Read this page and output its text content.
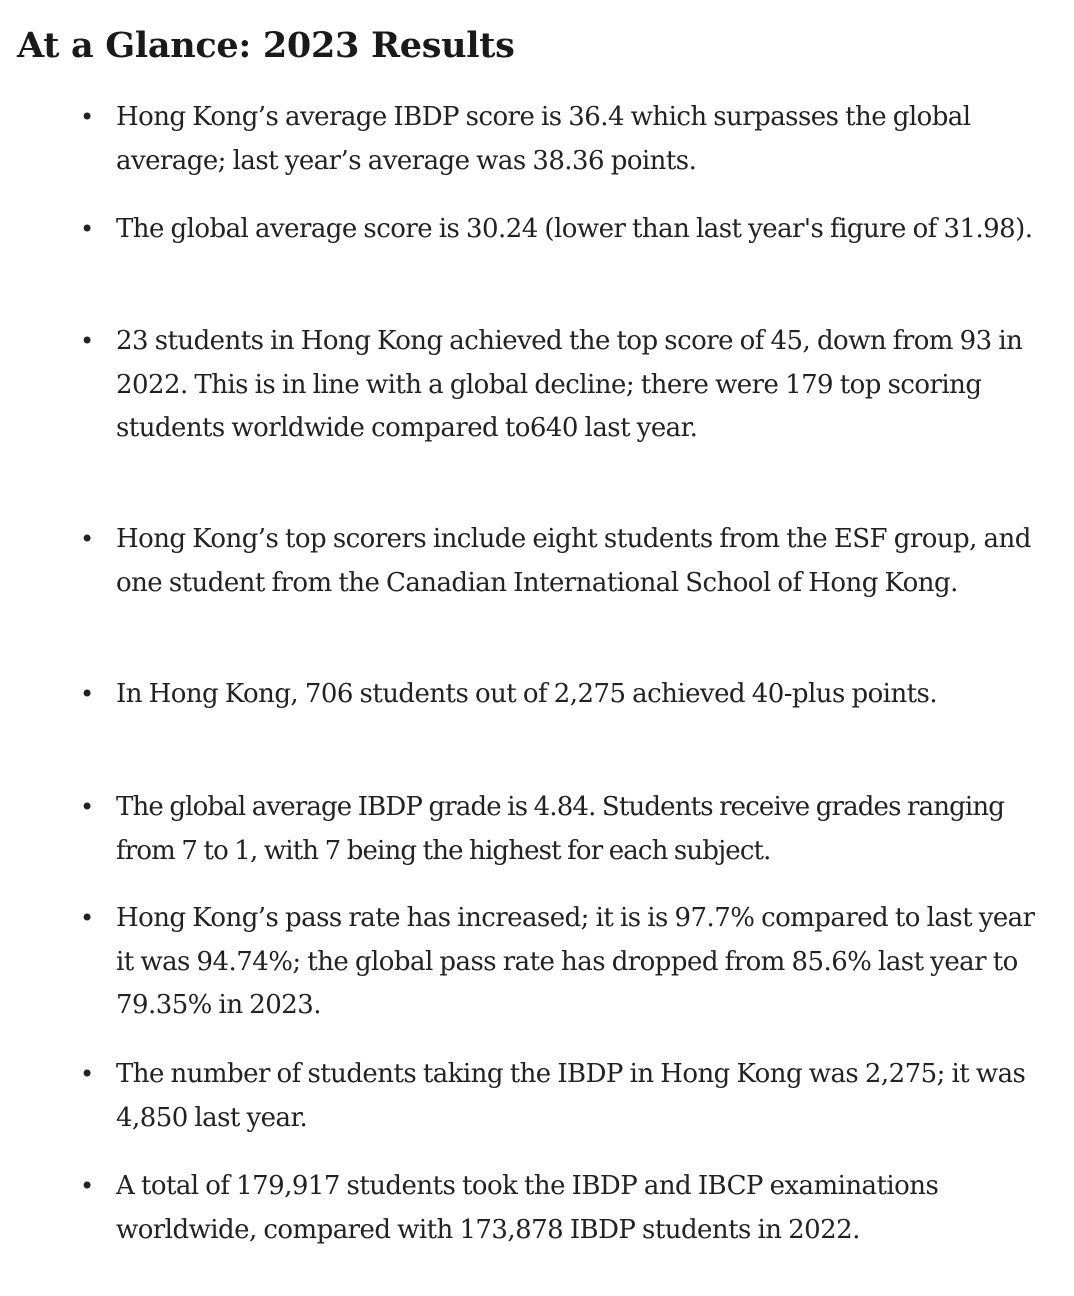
At a Glance: 2023 Results
• Hong Kong’s average IBDP score is 36.4 which surpasses the global average; last year’s average was 38.36 points.
• The global average score is 30.24 (lower than last year's figure of 31.98).
• 23 students in Hong Kong achieved the top score of 45, down from 93 in 2022. This is in line with a global decline; there were 179 top scoring students worldwide compared to640 last year.
• Hong Kong’s top scorers include eight students from the ESF group, and one student from the Canadian International School of Hong Kong.
• In Hong Kong, 706 students out of 2,275 achieved 40-plus points.
• The global average IBDP grade is 4.84. Students receive grades ranging from 7 to 1, with 7 being the highest for each subject.
• Hong Kong’s pass rate has increased; it is is 97.7% compared to last year it was 94.74%; the global pass rate has dropped from 85.6% last year to 79.35% in 2023.
• The number of students taking the IBDP in Hong Kong was 2,275; it was 4,850 last year.
• A total of 179,917 students took the IBDP and IBCP examinations worldwide, compared with 173,878 IBDP students in 2022.
